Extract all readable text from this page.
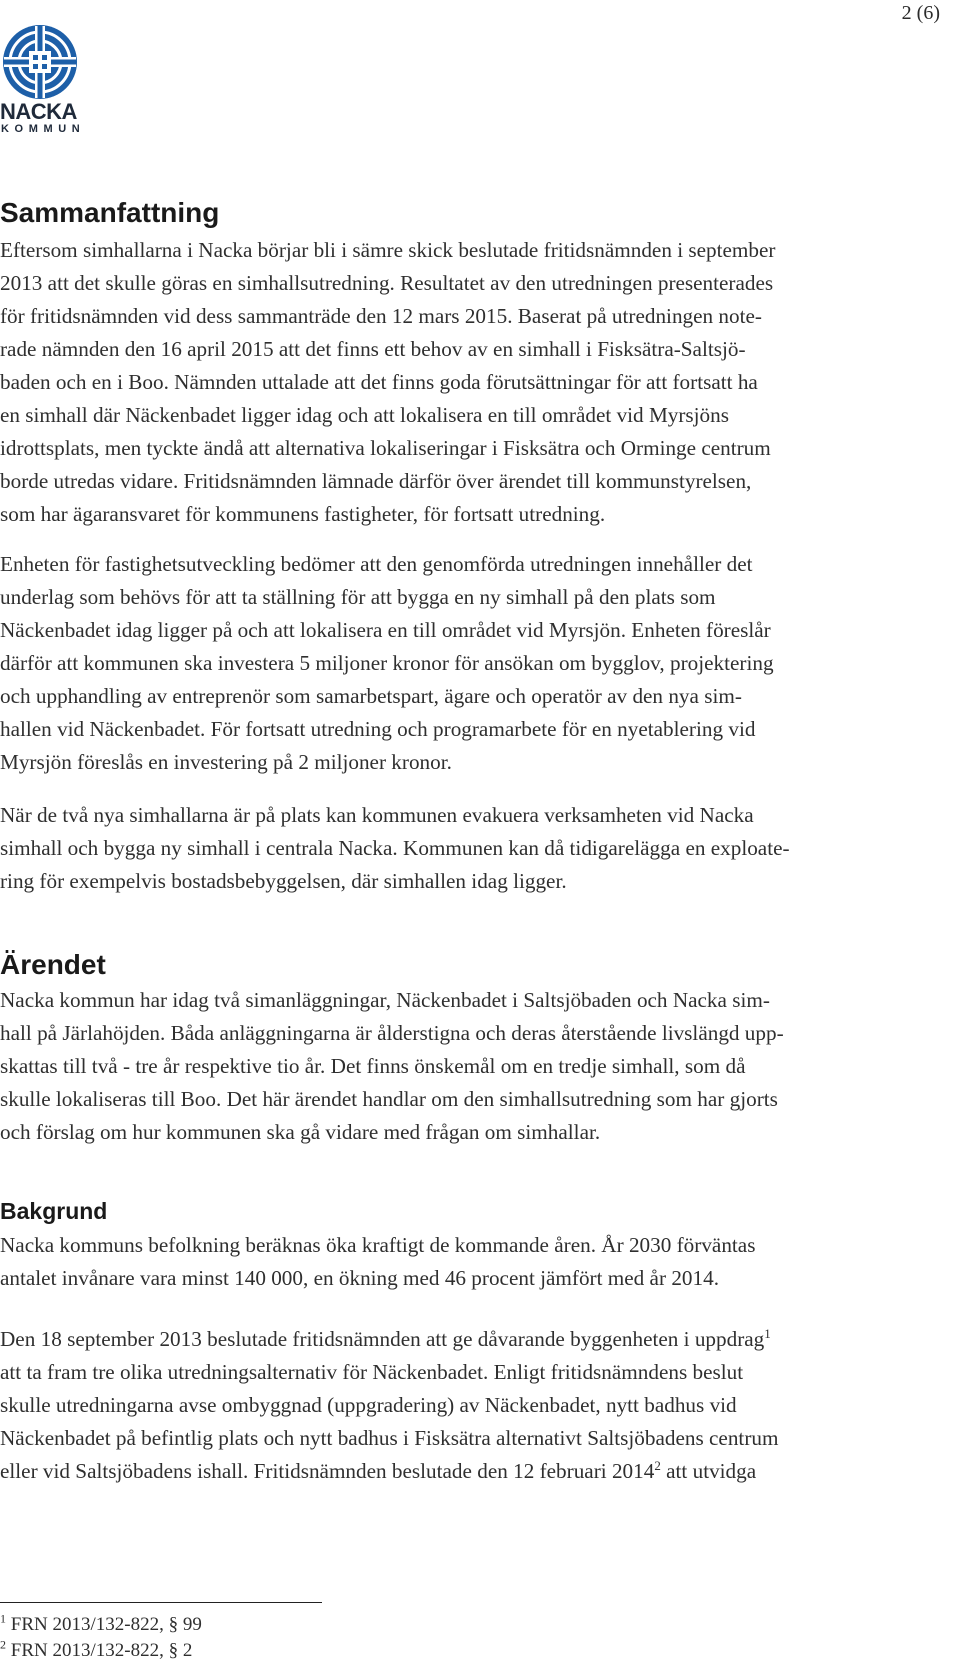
2 (6)
NACKA
KOMMUN
Sammanfattning

Eftersom simhallarna i Nacka börjar bli i sämre skick beslutade fritidsnämnden i september
2013 att det skulle göras en simhallsutredning. Resultatet av den utredningen presenterades
för fritidsnämnden vid dess sammanträde den 12 mars 2015. Baserat på utredningen note-
rade nämnden den 16 april 2015 att det finns ett behov av en simhall i Fisksätra-Saltsjö-
baden och en i Boo. Nämnden uttalade att det finns goda förutsättningar för att fortsatt ha
en simhall där Näckenbadet ligger idag och att lokalisera en till området vid Myrsjöns
idrottsplats, men tyckte ändå att alternativa lokaliseringar i Fisksätra och Orminge centrum
borde utredas vidare. Fritidsnämnden lämnade därför över ärendet till kommunstyrelsen,
som har ägaransvaret för kommunens fastigheter, för fortsatt utredning.

Enheten för fastighetsutveckling bedömer att den genomförda utredningen innehåller det
underlag som behövs för att ta ställning för att bygga en ny simhall på den plats som
Näckenbadet idag ligger på och att lokalisera en till området vid Myrsjön. Enheten föreslår
därför att kommunen ska investera 5 miljoner kronor för ansökan om bygglov, projektering
och upphandling av entreprenör som samarbetspart, ägare och operatör av den nya sim-
hallen vid Näckenbadet. För fortsatt utredning och programarbete för en nyetablering vid
Myrsjön föreslås en investering på 2 miljoner kronor.

När de två nya simhallarna är på plats kan kommunen evakuera verksamheten vid Nacka
simhall och bygga ny simhall i centrala Nacka. Kommunen kan då tidigarelägga en exploate-
ring för exempelvis bostadsbebyggelsen, där simhallen idag ligger.

Ärendet

Nacka kommun har idag två simanläggningar, Näckenbadet i Saltsjöbaden och Nacka sim-
hall på Järlahöjden. Båda anläggningarna är ålderstigna och deras återstående livslängd upp-
skattas till två - tre år respektive tio år. Det finns önskemål om en tredje simhall, som då
skulle lokaliseras till Boo. Det här ärendet handlar om den simhallsutredning som har gjorts
och förslag om hur kommunen ska gå vidare med frågan om simhallar.

Bakgrund

Nacka kommuns befolkning beräknas öka kraftigt de kommande åren. År 2030 förväntas
antalet invånare vara minst 140 000, en ökning med 46 procent jämfört med år 2014.

Den 18 september 2013 beslutade fritidsnämnden att ge dåvarande byggenheten i uppdrag$^1$
att ta fram tre olika utredningsalternativ för Näckenbadet. Enligt fritidsnämndens beslut
skulle utredningarna avse ombyggnad (uppgradering) av Näckenbadet, nytt badhus vid
Näckenbadet på befintlig plats och nytt badhus i Fisksätra alternativt Saltsjöbadens centrum
eller vid Saltsjöbadens ishall. Fritidsnämnden beslutade den 12 februari 2014$^2$ att utvidga

$^1$ FRN 2013/132-822, § 99
$^2$ FRN 2013/132-822, § 2
